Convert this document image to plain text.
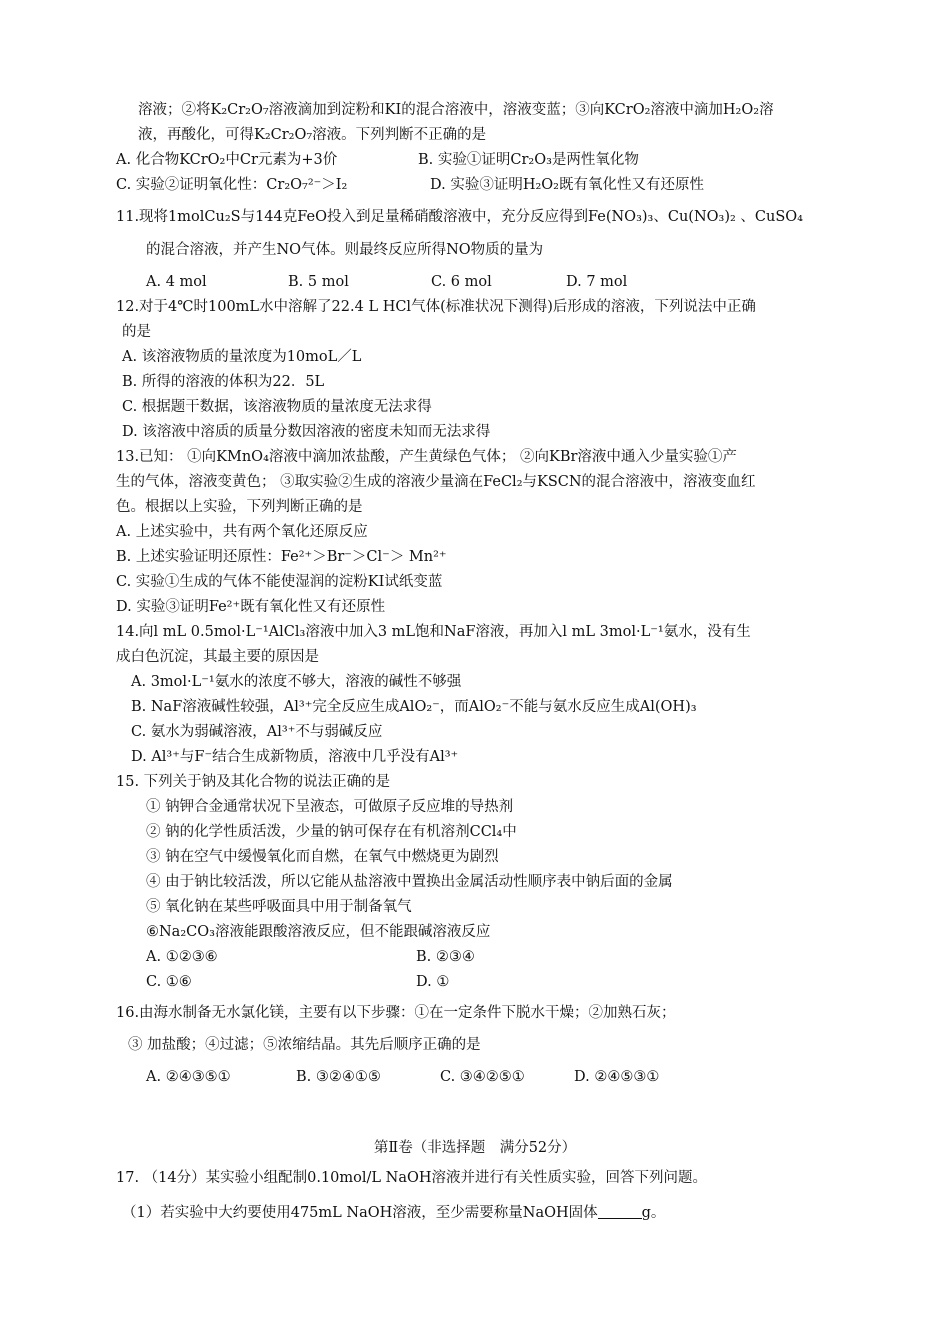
溶液；②将K₂Cr₂O₇溶液滴加到淀粉和KI的混合溶液中，溶液变蓝；③向KCrO₂溶液中滴加H₂O₂溶
液，再酸化，可得K₂Cr₂O₇溶液。下列判断不正确的是
A. 化合物KCrO₂中Cr元素为+3价	B. 实验①证明Cr₂O₃是两性氧化物
C. 实验②证明氧化性：Cr₂O₇²⁻＞I₂	D. 实验③证明H₂O₂既有氧化性又有还原性
11.现将1molCu₂S与144克FeO投入到足量稀硝酸溶液中，充分反应得到Fe(NO₃)₃、Cu(NO₃)₂ 、CuSO₄
的混合溶液，并产生NO气体。则最终反应所得NO物质的量为
A. 4 mol	B. 5 mol	C. 6 mol	D. 7 mol
12.对于4℃时100mL水中溶解了22.4 L HCl气体(标准状况下测得)后形成的溶液，下列说法中正确
的是
A. 该溶液物质的量浓度为10moL／L
B. 所得的溶液的体积为22．5L
C. 根据题干数据，该溶液物质的量浓度无法求得
D. 该溶液中溶质的质量分数因溶液的密度未知而无法求得
13.已知： ①向KMnO₄溶液中滴加浓盐酸，产生黄绿色气体； ②向KBr溶液中通入少量实验①产
生的气体，溶液变黄色； ③取实验②生成的溶液少量滴在FeCl₂与KSCN的混合溶液中，溶液变血红
色。根据以上实验，下列判断正确的是
A. 上述实验中，共有两个氧化还原反应
B. 上述实验证明还原性：Fe²⁺＞Br⁻＞Cl⁻＞ Mn²⁺
C. 实验①生成的气体不能使湿润的淀粉KI试纸变蓝
D. 实验③证明Fe²⁺既有氧化性又有还原性
14.向l mL 0.5mol·L⁻¹AlCl₃溶液中加入3 mL饱和NaF溶液，再加入l mL 3mol·L⁻¹氨水，没有生
成白色沉淀，其最主要的原因是
A. 3mol·L⁻¹氨水的浓度不够大，溶液的碱性不够强
B. NaF溶液碱性较强，Al³⁺完全反应生成AlO₂⁻，而AlO₂⁻不能与氨水反应生成Al(OH)₃
C. 氨水为弱碱溶液，Al³⁺不与弱碱反应
D. Al³⁺与F⁻结合生成新物质，溶液中几乎没有Al³⁺
15. 下列关于钠及其化合物的说法正确的是
① 钠钾合金通常状况下呈液态，可做原子反应堆的导热剂
② 钠的化学性质活泼，少量的钠可保存在有机溶剂CCl₄中
③ 钠在空气中缓慢氧化而自燃，在氧气中燃烧更为剧烈
④ 由于钠比较活泼，所以它能从盐溶液中置换出金属活动性顺序表中钠后面的金属
⑤ 氧化钠在某些呼吸面具中用于制备氧气
⑥Na₂CO₃溶液能跟酸溶液反应，但不能跟碱溶液反应
A. ①②③⑥	B. ②③④
C. ①⑥	D. ①
16.由海水制备无水氯化镁，主要有以下步骤：①在一定条件下脱水干燥；②加熟石灰；
③ 加盐酸；④过滤；⑤浓缩结晶。其先后顺序正确的是
A. ②④③⑤①	B. ③②④①⑤	C. ③④②⑤①	D. ②④⑤③①
第Ⅱ卷（非选择题　满分52分）
17. （14分）某实验小组配制0.10mol/L NaOH溶液并进行有关性质实验，回答下列问题。
（1）若实验中大约要使用475mL NaOH溶液，至少需要称量NaOH固体	g。
